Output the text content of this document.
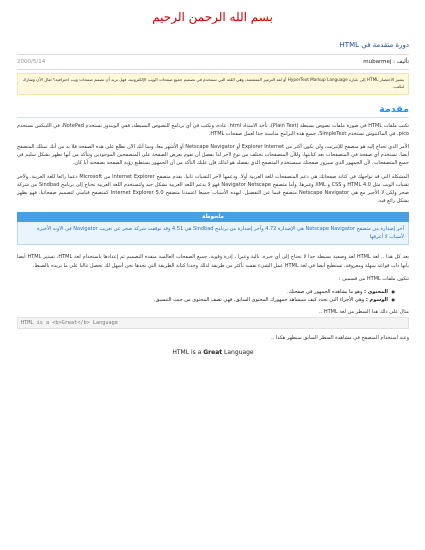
بسم الله الرحمن الرحيم
دورة متقدمة في HTML
تأليف : mubarmej
2000/5/14
يشير الاختصار HTML إلى عبارة HyperText Markup Language أو لغة الترميز المتشعبة، وهي اللغة التي تستخدم في تصميم جميع صفحات الويب الإلكترونية، فهل تريد أن تصمم صفحات ويب احترافية؟ تعال الآن وشارك لتكتب.
مقدمة

تكتب ملفات HTML في صورة ملفات نصوص بسيطة (Plain Text)، تأخذ الامتداد html. عادة، وتكتب في أي برنامج للنصوص البسيطة، ففي الويندوز نستخدم NotePad، في اللينكس نستخدم pico، في الماكنتوش نستخدم SimpleText، جميع هذه البرامج مناسبة جدا لعمل صفحات HTML.

الأمر الذي تحتاج إليه هو متصفح للإنترنت، ولن يكون أكثر من Explorer Internet أو Netscape Navigator أو الأشهر معا. وبما أنك الآن تطلع على هذه الصفحة فلا بد من أنك تمتلك المتصفح أيضا. تستخدم أي صفحة في المتصفحات بعد كتابتها، وللأن المتصفحات تختلف من نوع لآخر لذا يفضل أن تقوم بعرض الصفحة على المتصفحين الموجودين وتتأكد من أنها تظهر بشكل سليم في جميع المتصفحات، لأن الجمهور الذي سيزور صفحتك سيستخدم المتصفح الذي يفضله هو لذلك فإن عليك التأكد من أن الجمهور يستطيع رؤية الصفحة بصفحته أيا كان.

المشكلة التي قد تواجهك في كتابة صفحاتك هي دعم المتصفحات للغة العربية أولا. ودعمها لآخر التقنيات ثانيا. يقدم متصفح Internet Explorer من Microsoft دعما رائعا للغة العربية. ولآخر تقنيات الويب مثل HTML 4.0 و CSS و XML وغيرها. وأما متصفح Navigator Netscape فهو لا يدعم اللغة العربية بشكل جيد ولتستخدم اللغة العربية تحتاج إلى برنامج Sindbad من شركة صخر ولكن لا الأخير مع هي Netscape Navigator متصفح فيما عن التفصيل. ليهذه الأسباب جميعا اعتمدنا متصفح Internet Explorer 5.0 كمتصفح قياسي لتصميم صفحاتنا، فهو يظهر بشكل رائع فيه.

ملحوظة
آخر إصدارة من متصفح Netscape Navigator هي الإصدارة 4.72 وآخر إصدارة من برنامج Sindbad هي 4.51 وقد توقفت شركة صخر عن تعريب Navigator في الآونة الأخيرة لأسباب لا أعرفها

بعد كل هذا .. لغة HTML لغة وصفية بسيطة جدا لا تحتاج إلى أي خبرة. بالية وعبرا ، إدرة وقوية، جميع الصفحات العالمية منفذة التصميم ثم إعدادها باستخدام لغة HTML، تستيز HTML أيضا بأنها ذات قواعد سهلة ومعروفة، تستطيع أيضا في لغة HTML عمل الشيء نفسه بأكثر من طريقة لذلك وجدنا كتابة الطريقة التي نجدها نحن أسهل لك تحصل غالبا على ما تريده بالضبط.

تتكون ملفات HTML من قسمين :

● المحتوى : وهو ما يشاهده الجمهور في صفحتك.
● الوسوم : وهي الأجزاء التي تحدد كيف سيشاهد جمهورك المحتوى السابق، فهي تصف المحتوى من حيث التنسيق.

مثال على ذلك هذا السطر من لغة HTML ..

HTML is a <b>Great</b> Language

وعند استخدام المتصفح في مشاهدة السطر السابق سيظهر هكذا ..

HTML is a Great Language
